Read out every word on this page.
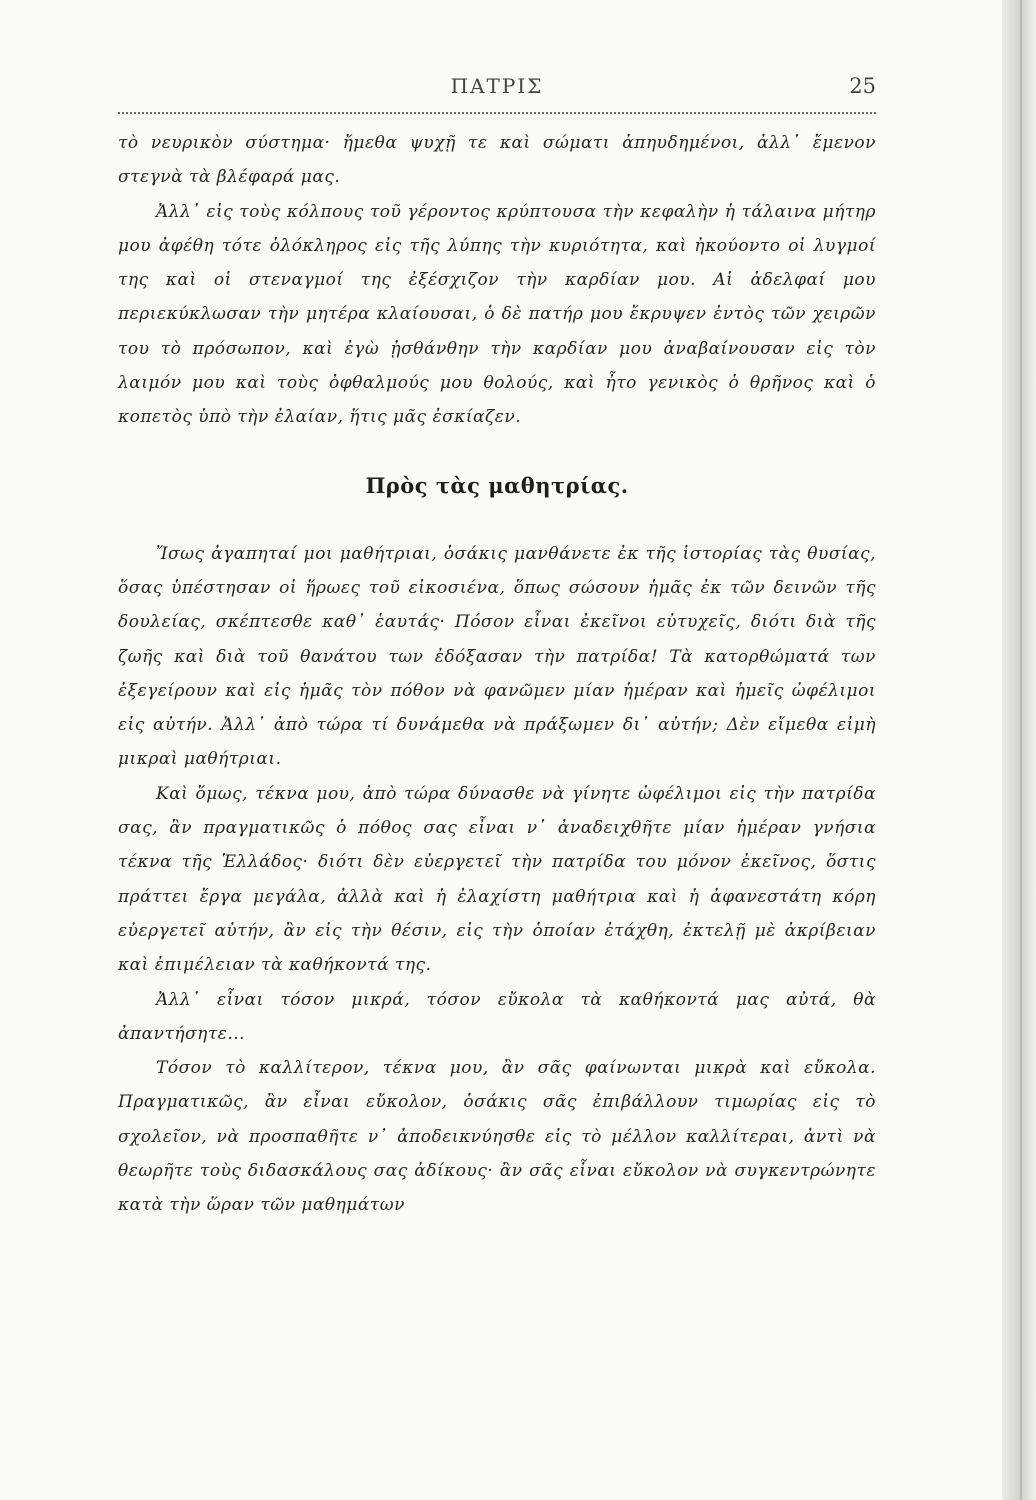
ΠΑΤΡΙΣ	25

τὸ νευρικὸν σύστημα· ἤμεθα ψυχῇ τε καὶ σώματι ἀπηυδημένοι, ἀλλ᾽ ἔμενον στεγνὰ τὰ βλέφαρά μας.

Ἀλλ᾽ εἰς τοὺς κόλπους τοῦ γέροντος κρύπτουσα τὴν κεφαλὴν ἡ τάλαινα μήτηρ μου ἀφέθη τότε ὁλόκληρος εἰς τῆς λύπης τὴν κυριότητα, καὶ ἠκούοντο οἱ λυγμοί της καὶ οἱ στεναγμοί της ἐξέσχιζον τὴν καρδίαν μου. Αἱ ἀδελφαί μου περιεκύκλωσαν τὴν μητέρα κλαίουσαι, ὁ δὲ πατήρ μου ἔκρυψεν ἐντὸς τῶν χειρῶν του τὸ πρόσωπον, καὶ ἐγὼ ᾐσθάνθην τὴν καρδίαν μου ἀναβαίνουσαν εἰς τὸν λαιμόν μου καὶ τοὺς ὀφθαλμούς μου θολούς, καὶ ἦτο γενικὸς ὁ θρῆνος καὶ ὁ κοπετὸς ὑπὸ τὴν ἐλαίαν, ἥτις μᾶς ἐσκίαζεν.

Πρὸς τὰς μαθητρίας.

Ἴσως ἀγαπηταί μοι μαθήτριαι, ὁσάκις μανθάνετε ἐκ τῆς ἱστορίας τὰς θυσίας, ὅσας ὑπέστησαν οἱ ἥρωες τοῦ εἰκοσιένα, ὅπως σώσουν ἡμᾶς ἐκ τῶν δεινῶν τῆς δουλείας, σκέπτεσθε καθ᾽ ἑαυτάς· Πόσον εἶναι ἐκεῖνοι εὐτυχεῖς, διότι διὰ τῆς ζωῆς καὶ διὰ τοῦ θανάτου των ἐδόξασαν τὴν πατρίδα! Τὰ κατορθώματά των ἐξεγείρουν καὶ εἰς ἡμᾶς τὸν πόθον νὰ φανῶμεν μίαν ἡμέραν καὶ ἡμεῖς ὠφέλιμοι εἰς αὐτήν. Ἀλλ᾽ ἀπὸ τώρα τί δυνάμεθα νὰ πράξωμεν δι᾽ αὐτήν; Δὲν εἴμεθα εἰμὴ μικραὶ μαθήτριαι.

Καὶ ὅμως, τέκνα μου, ἀπὸ τώρα δύνασθε νὰ γίνητε ὠφέλιμοι εἰς τὴν πατρίδα σας, ἂν πραγματικῶς ὁ πόθος σας εἶναι ν᾽ ἀναδειχθῆτε μίαν ἡμέραν γνήσια τέκνα τῆς Ἑλλάδος· διότι δὲν εὐεργετεῖ τὴν πατρίδα του μόνον ἐκεῖνος, ὅστις πράττει ἔργα μεγάλα, ἀλλὰ καὶ ἡ ἐλαχίστη μαθήτρια καὶ ἡ ἀφανεστάτη κόρη εὐεργετεῖ αὐτήν, ἂν εἰς τὴν θέσιν, εἰς τὴν ὁποίαν ἐτάχθη, ἐκτελῇ μὲ ἀκρίβειαν καὶ ἐπιμέλειαν τὰ καθήκοντά της.

Ἀλλ᾽ εἶναι τόσον μικρά, τόσον εὔκολα τὰ καθήκοντά μας αὐτά, θὰ ἀπαντήσητε...

Τόσον τὸ καλλίτερον, τέκνα μου, ἂν σᾶς φαίνωνται μικρὰ καὶ εὔκολα. Πραγματικῶς, ἂν εἶναι εὔκολον, ὁσάκις σᾶς ἐπιβάλλουν τιμωρίας εἰς τὸ σχολεῖον, νὰ προσπαθῆτε ν᾽ ἀποδεικνύησθε εἰς τὸ μέλλον καλλίτεραι, ἀντὶ νὰ θεωρῆτε τοὺς διδασκάλους σας ἀδίκους· ἂν σᾶς εἶναι εὔκολον νὰ συγκεντρώνητε κατὰ τὴν ὥραν τῶν μαθημάτων
